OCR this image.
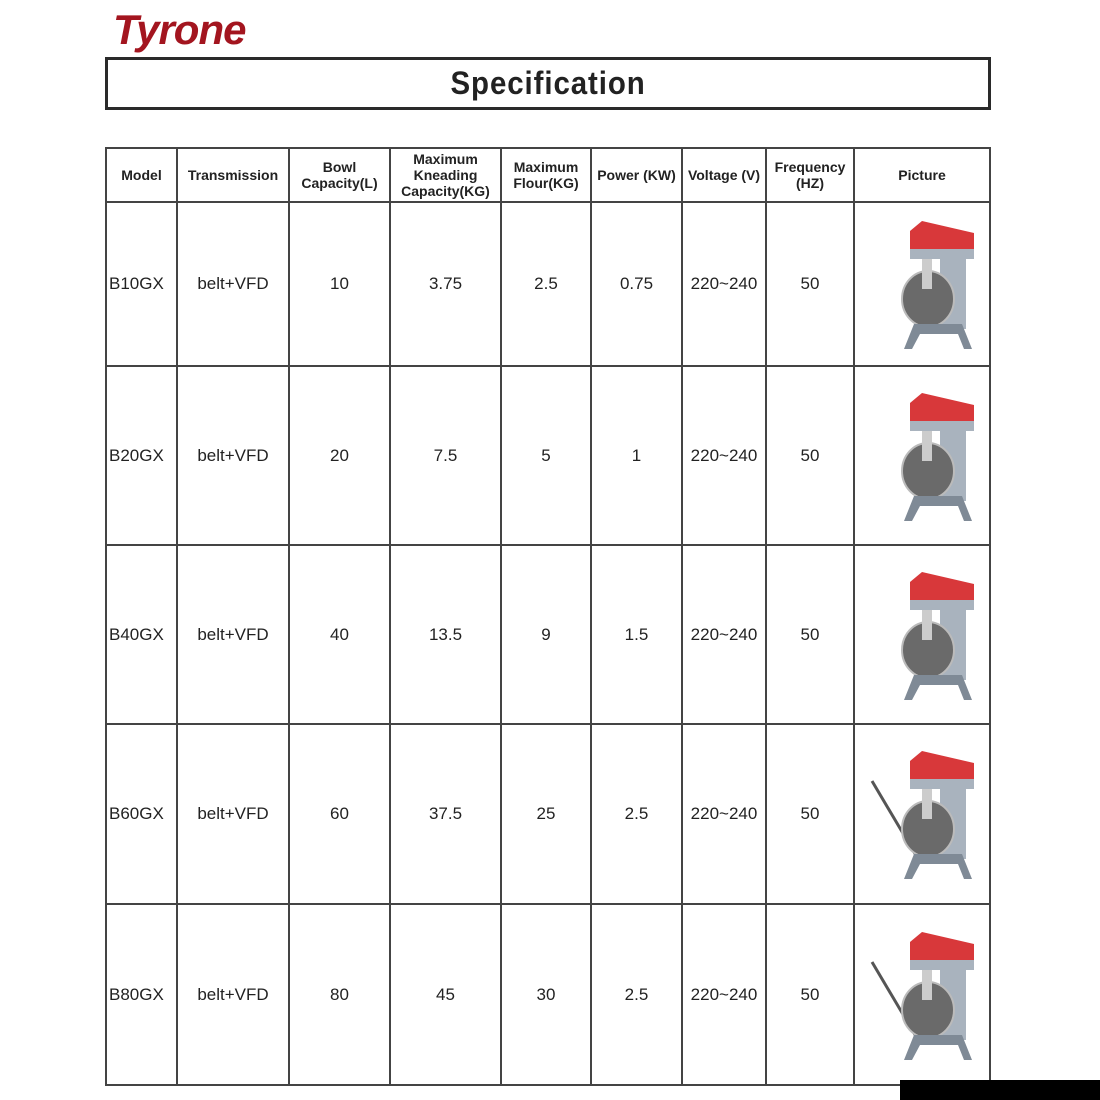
Tyrone
Specification
Model	Transmission	Bowl Capacity(L)	Maximum Kneading Capacity(KG)	Maximum Flour(KG)	Power (KW)	Voltage (V)	Frequency (HZ)	Picture
B10GX	belt+VFD	10	3.75	2.5	0.75	220~240	50	

B20GX	belt+VFD	20	7.5	5	1	220~240	50	

B40GX	belt+VFD	40	13.5	9	1.5	220~240	50	

B60GX	belt+VFD	60	37.5	25	2.5	220~240	50	

B80GX	belt+VFD	80	45	30	2.5	220~240	50	
